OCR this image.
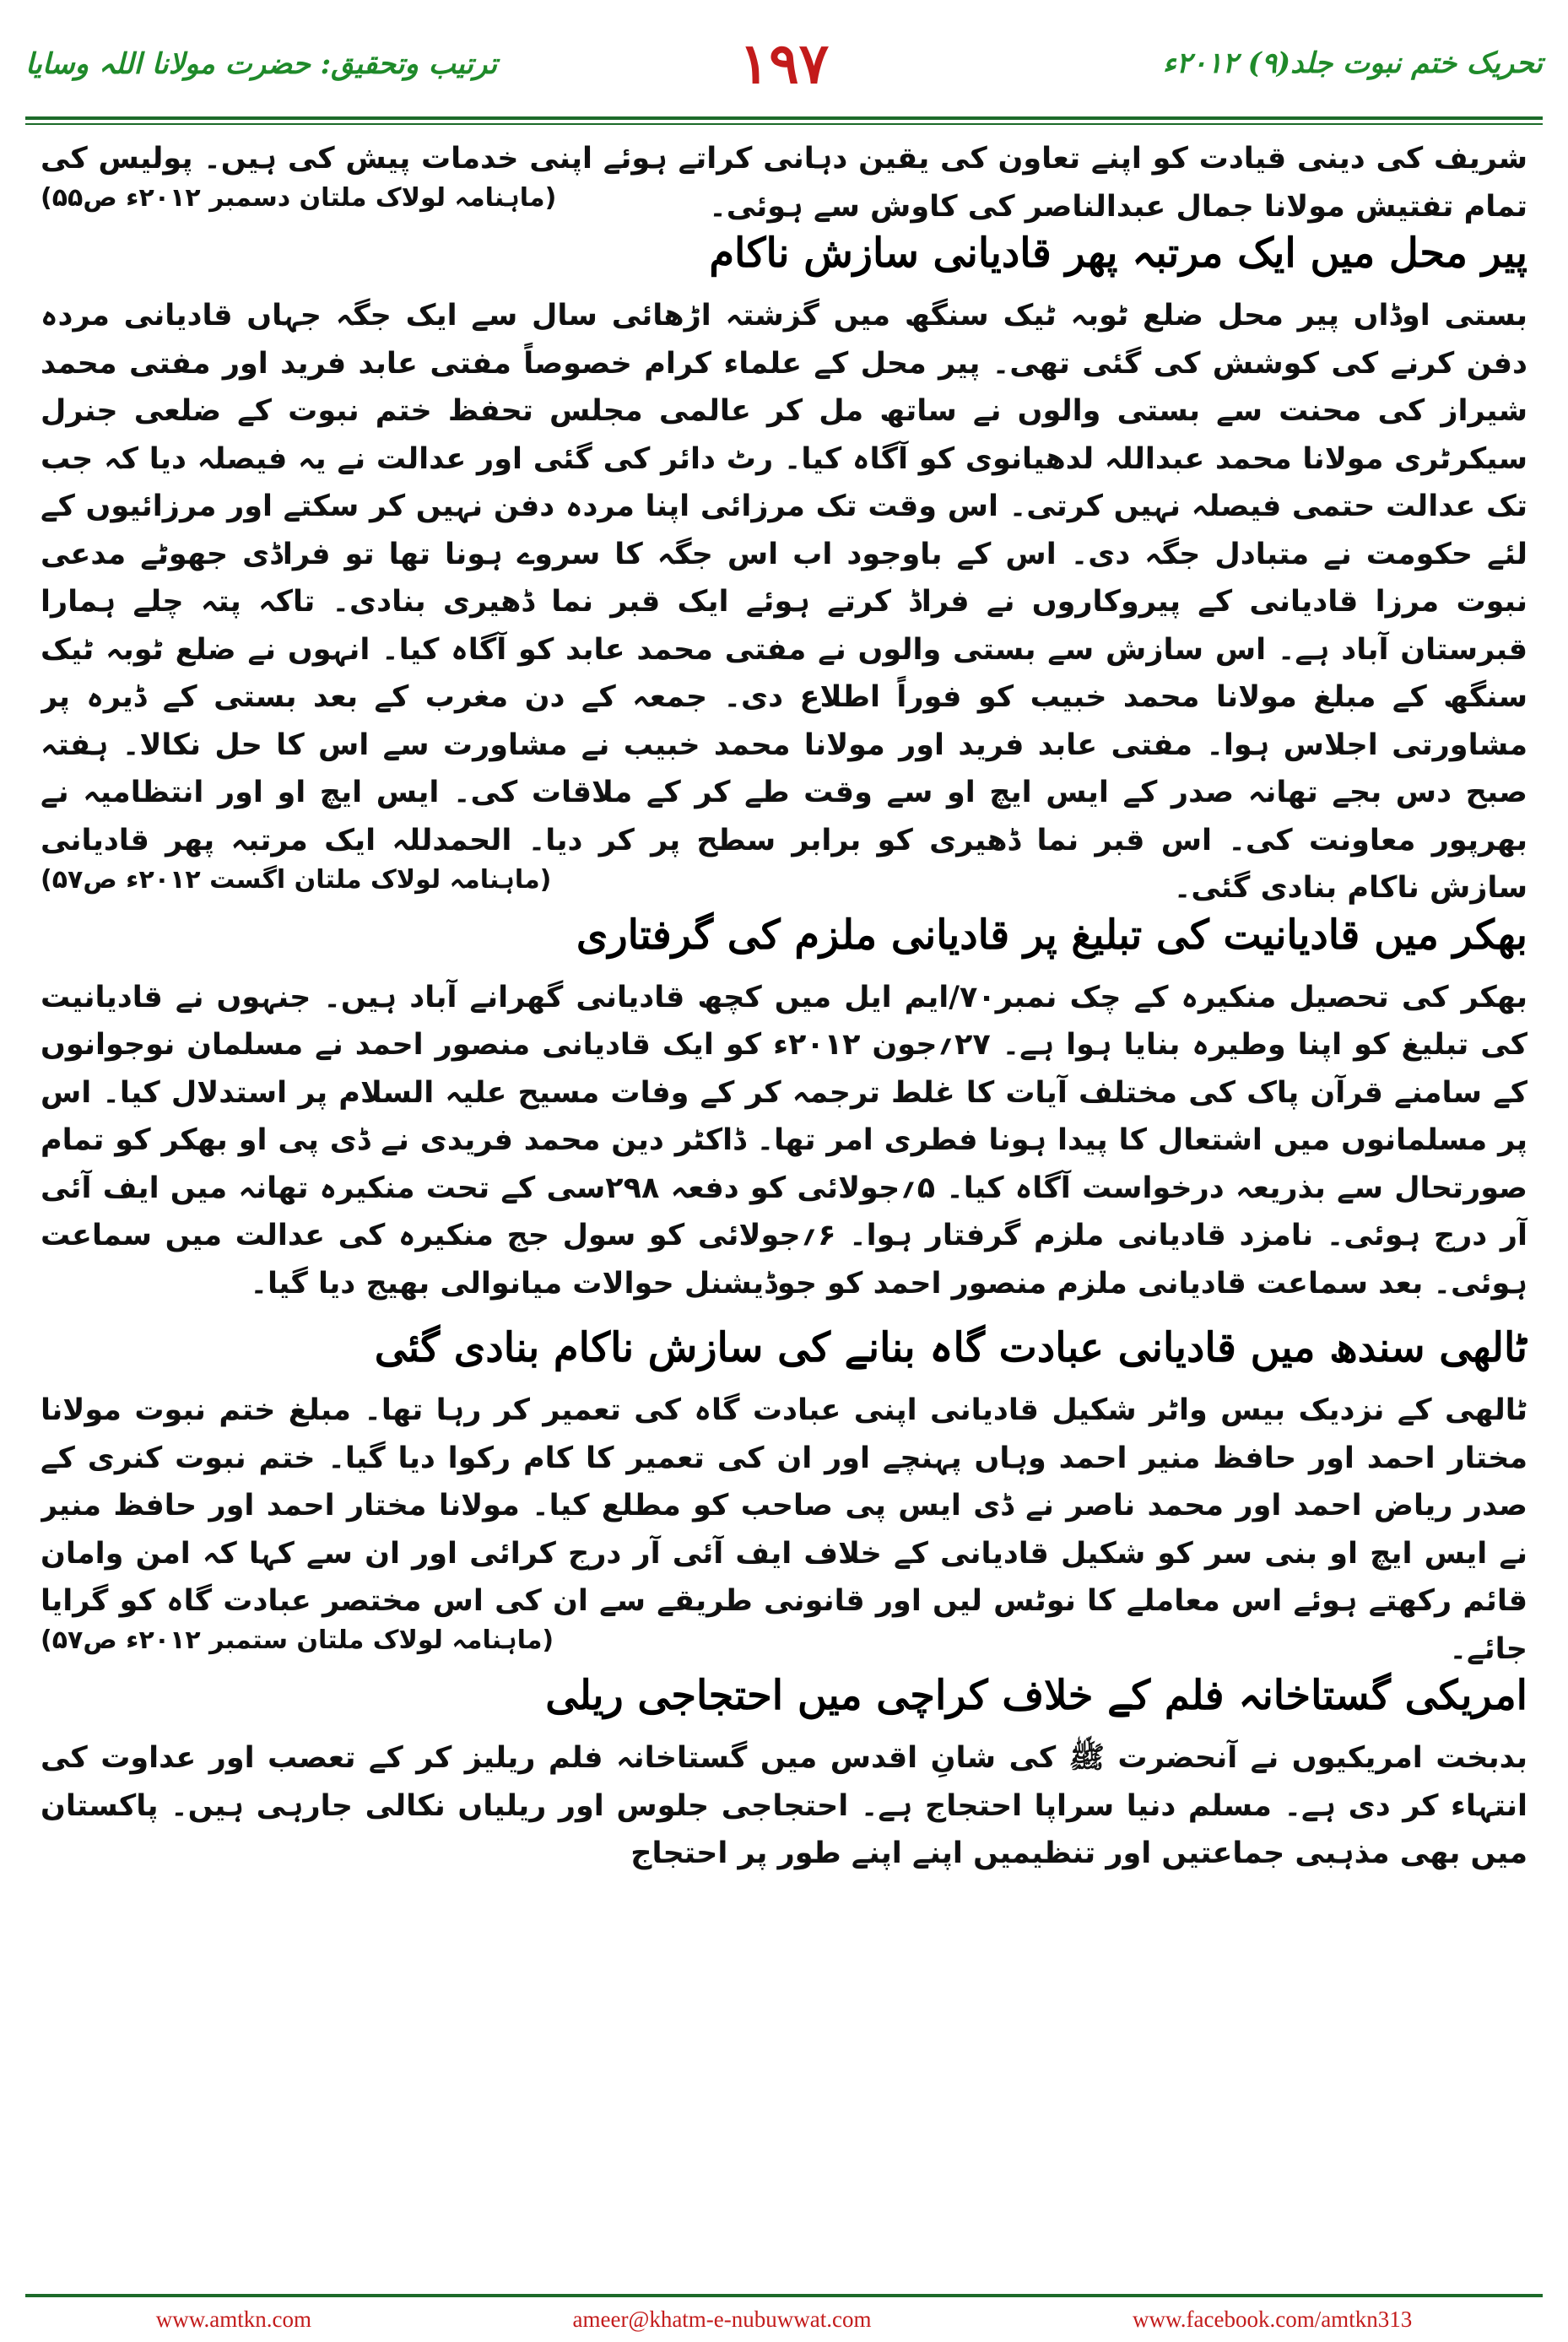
ترتیب وتحقیق: حضرت مولانا اللہ وسایا	۱۹۷	تحریک ختم نبوت جلد(۹) ۲۰۱۲ء

شریف کی دینی قیادت کو اپنے تعاون کی یقین دہانی کراتے ہوئے اپنی خدمات پیش کی ہیں۔ پولیس کی تمام تفتیش مولانا جمال عبدالناصر کی کاوش سے ہوئی۔

(ماہنامہ لولاک ملتان دسمبر ۲۰۱۲ء ص۵۵)
پیر محل میں ایک مرتبہ پھر قادیانی سازش ناکام

بستی اوڈاں پیر محل ضلع ٹوبہ ٹیک سنگھ میں گزشتہ اڑھائی سال سے ایک جگہ جہاں قادیانی مردہ دفن کرنے کی کوشش کی گئی تھی۔ پیر محل کے علماء کرام خصوصاً مفتی عابد فرید اور مفتی محمد شیراز کی محنت سے بستی والوں نے ساتھ مل کر عالمی مجلس تحفظ ختم نبوت کے ضلعی جنرل سیکرٹری مولانا محمد عبداللہ لدھیانوی کو آگاہ کیا۔ رٹ دائر کی گئی اور عدالت نے یہ فیصلہ دیا کہ جب تک عدالت حتمی فیصلہ نہیں کرتی۔ اس وقت تک مرزائی اپنا مردہ دفن نہیں کر سکتے اور مرزائیوں کے لئے حکومت نے متبادل جگہ دی۔ اس کے باوجود اب اس جگہ کا سروے ہونا تھا تو فراڈی جھوٹے مدعی نبوت مرزا قادیانی کے پیروکاروں نے فراڈ کرتے ہوئے ایک قبر نما ڈھیری بنادی۔ تاکہ پتہ چلے ہمارا قبرستان آباد ہے۔ اس سازش سے بستی والوں نے مفتی محمد عابد کو آگاہ کیا۔ انہوں نے ضلع ٹوبہ ٹیک سنگھ کے مبلغ مولانا محمد خبیب کو فوراً اطلاع دی۔ جمعہ کے دن مغرب کے بعد بستی کے ڈیرہ پر مشاورتی اجلاس ہوا۔ مفتی عابد فرید اور مولانا محمد خبیب نے مشاورت سے اس کا حل نکالا۔ ہفتہ صبح دس بجے تھانہ صدر کے ایس ایچ او سے وقت طے کر کے ملاقات کی۔ ایس ایچ او اور انتظامیہ نے بھرپور معاونت کی۔ اس قبر نما ڈھیری کو برابر سطح پر کر دیا۔ الحمدللہ ایک مرتبہ پھر قادیانی سازش ناکام بنادی گئی۔

(ماہنامہ لولاک ملتان اگست ۲۰۱۲ء ص۵۷)
بھکر میں قادیانیت کی تبلیغ پر قادیانی ملزم کی گرفتاری

بھکر کی تحصیل منکیرہ کے چک نمبر۷۰/ایم ایل میں کچھ قادیانی گھرانے آباد ہیں۔ جنہوں نے قادیانیت کی تبلیغ کو اپنا وطیرہ بنایا ہوا ہے۔ ۲۷؍جون ۲۰۱۲ء کو ایک قادیانی منصور احمد نے مسلمان نوجوانوں کے سامنے قرآن پاک کی مختلف آیات کا غلط ترجمہ کر کے وفات مسیح علیہ السلام پر استدلال کیا۔ اس پر مسلمانوں میں اشتعال کا پیدا ہونا فطری امر تھا۔ ڈاکٹر دین محمد فریدی نے ڈی پی او بھکر کو تمام صورتحال سے بذریعہ درخواست آگاہ کیا۔ ۵؍جولائی کو دفعہ ۲۹۸سی کے تحت منکیرہ تھانہ میں ایف آئی آر درج ہوئی۔ نامزد قادیانی ملزم گرفتار ہوا۔ ۶؍جولائی کو سول جج منکیرہ کی عدالت میں سماعت ہوئی۔ بعد سماعت قادیانی ملزم منصور احمد کو جوڈیشنل حوالات میانوالی بھیج دیا گیا۔

ٹالھی سندھ میں قادیانی عبادت گاہ بنانے کی سازش ناکام بنادی گئی

ٹالھی کے نزدیک بیس واٹر شکیل قادیانی اپنی عبادت گاہ کی تعمیر کر رہا تھا۔ مبلغ ختم نبوت مولانا مختار احمد اور حافظ منیر احمد وہاں پہنچے اور ان کی تعمیر کا کام رکوا دیا گیا۔ ختم نبوت کنری کے صدر ریاض احمد اور محمد ناصر نے ڈی ایس پی صاحب کو مطلع کیا۔ مولانا مختار احمد اور حافظ منیر نے ایس ایچ او بنی سر کو شکیل قادیانی کے خلاف ایف آئی آر درج کرائی اور ان سے کہا کہ امن وامان قائم رکھتے ہوئے اس معاملے کا نوٹس لیں اور قانونی طریقے سے ان کی اس مختصر عبادت گاہ کو گرایا جائے۔

(ماہنامہ لولاک ملتان ستمبر ۲۰۱۲ء ص۵۷)
امریکی گستاخانہ فلم کے خلاف کراچی میں احتجاجی ریلی

بدبخت امریکیوں نے آنحضرت ﷺ کی شانِ اقدس میں گستاخانہ فلم ریلیز کر کے تعصب اور عداوت کی انتہاء کر دی ہے۔ مسلم دنیا سراپا احتجاج ہے۔ احتجاجی جلوس اور ریلیاں نکالی جارہی ہیں۔ پاکستان میں بھی مذہبی جماعتیں اور تنظیمیں اپنے اپنے طور پر احتجاج

www.amtkn.com	ameer@khatm-e-nubuwwat.com	www.facebook.com/amtkn313
